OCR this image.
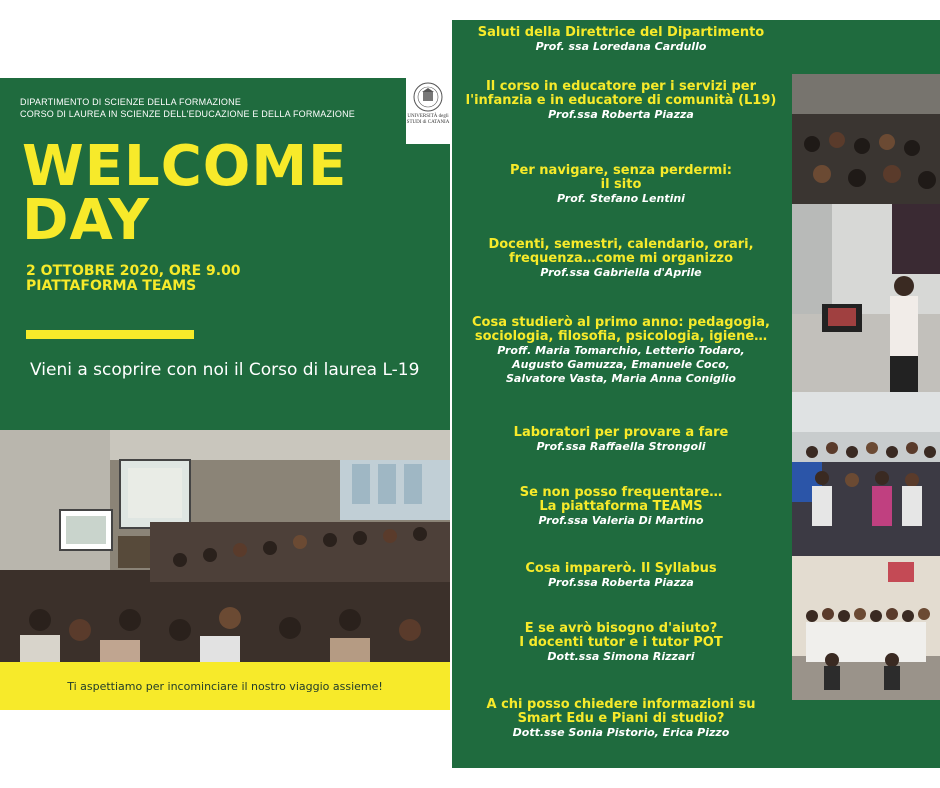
DIPARTIMENTO DI SCIENZE DELLA FORMAZIONE
CORSO DI LAUREA IN SCIENZE DELL'EDUCAZIONE E DELLA FORMAZIONE	UNIVERSITÀ degli STUDI di CATANIA
WELCOME
DAY
2 OTTOBRE 2020, ORE 9.00
PIATTAFORMA TEAMS
Vieni a scoprire con noi il Corso di laurea L-19
Ti aspettiamo per incominciare il nostro viaggio assieme!
Saluti della Direttrice del Dipartimento
Prof. ssa Loredana Cardullo
Il corso in educatore per i servizi per
l'infanzia e in educatore di comunità (L19)
Prof.ssa Roberta Piazza
Per navigare, senza perdermi:
il sito
Prof. Stefano Lentini
Docenti, semestri, calendario, orari,
frequenza…come mi organizzo
Prof.ssa Gabriella d'Aprile
Cosa studierò al primo anno: pedagogia,
sociologia, filosofia, psicologia, igiene…
Proff. Maria Tomarchio, Letterio Todaro,
Augusto Gamuzza, Emanuele Coco,
Salvatore Vasta, Maria Anna Coniglio
Laboratori per provare a fare
Prof.ssa Raffaella Strongoli
Se non posso frequentare…
La piattaforma TEAMS
Prof.ssa Valeria Di Martino
Cosa imparerò. Il Syllabus
Prof.ssa Roberta Piazza
E se avrò bisogno d'aiuto?
I docenti tutor e i tutor POT
Dott.ssa Simona Rizzari
A chi posso chiedere informazioni su
Smart Edu e Piani di studio?
Dott.sse Sonia Pistorio, Erica Pizzo
